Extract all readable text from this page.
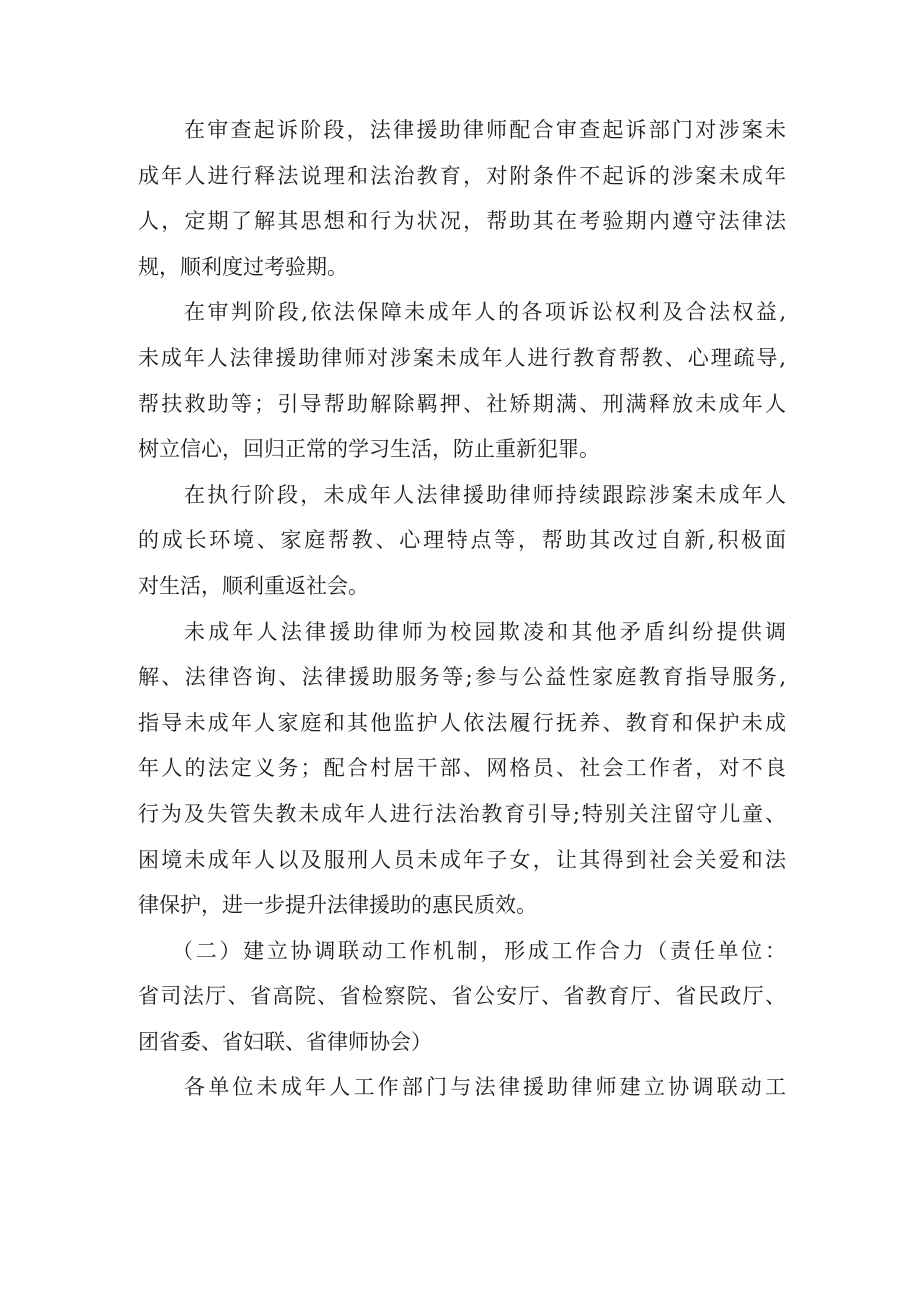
在审查起诉阶段，法律援助律师配合审查起诉部门对涉案未
成年人进行释法说理和法治教育，对附条件不起诉的涉案未成年
人，定期了解其思想和行为状况，帮助其在考验期内遵守法律法
规，顺利度过考验期。
在审判阶段,依法保障未成年人的各项诉讼权利及合法权益,
未成年人法律援助律师对涉案未成年人进行教育帮教、心理疏导,
帮扶救助等；引导帮助解除羁押、社矫期满、刑满释放未成年人
树立信心，回归正常的学习生活，防止重新犯罪。
在执行阶段，未成年人法律援助律师持续跟踪涉案未成年人
的成长环境、家庭帮教、心理特点等，帮助其改过自新,积极面
对生活，顺利重返社会。
未成年人法律援助律师为校园欺凌和其他矛盾纠纷提供调
解、法律咨询、法律援助服务等;参与公益性家庭教育指导服务,
指导未成年人家庭和其他监护人依法履行抚养、教育和保护未成
年人的法定义务；配合村居干部、网格员、社会工作者，对不良
行为及失管失教未成年人进行法治教育引导;特别关注留守儿童、
困境未成年人以及服刑人员未成年子女，让其得到社会关爱和法
律保护，进一步提升法律援助的惠民质效。
（二）建立协调联动工作机制，形成工作合力（责任单位：
省司法厅、省高院、省检察院、省公安厅、省教育厅、省民政厅、
团省委、省妇联、省律师协会）
各单位未成年人工作部门与法律援助律师建立协调联动工
